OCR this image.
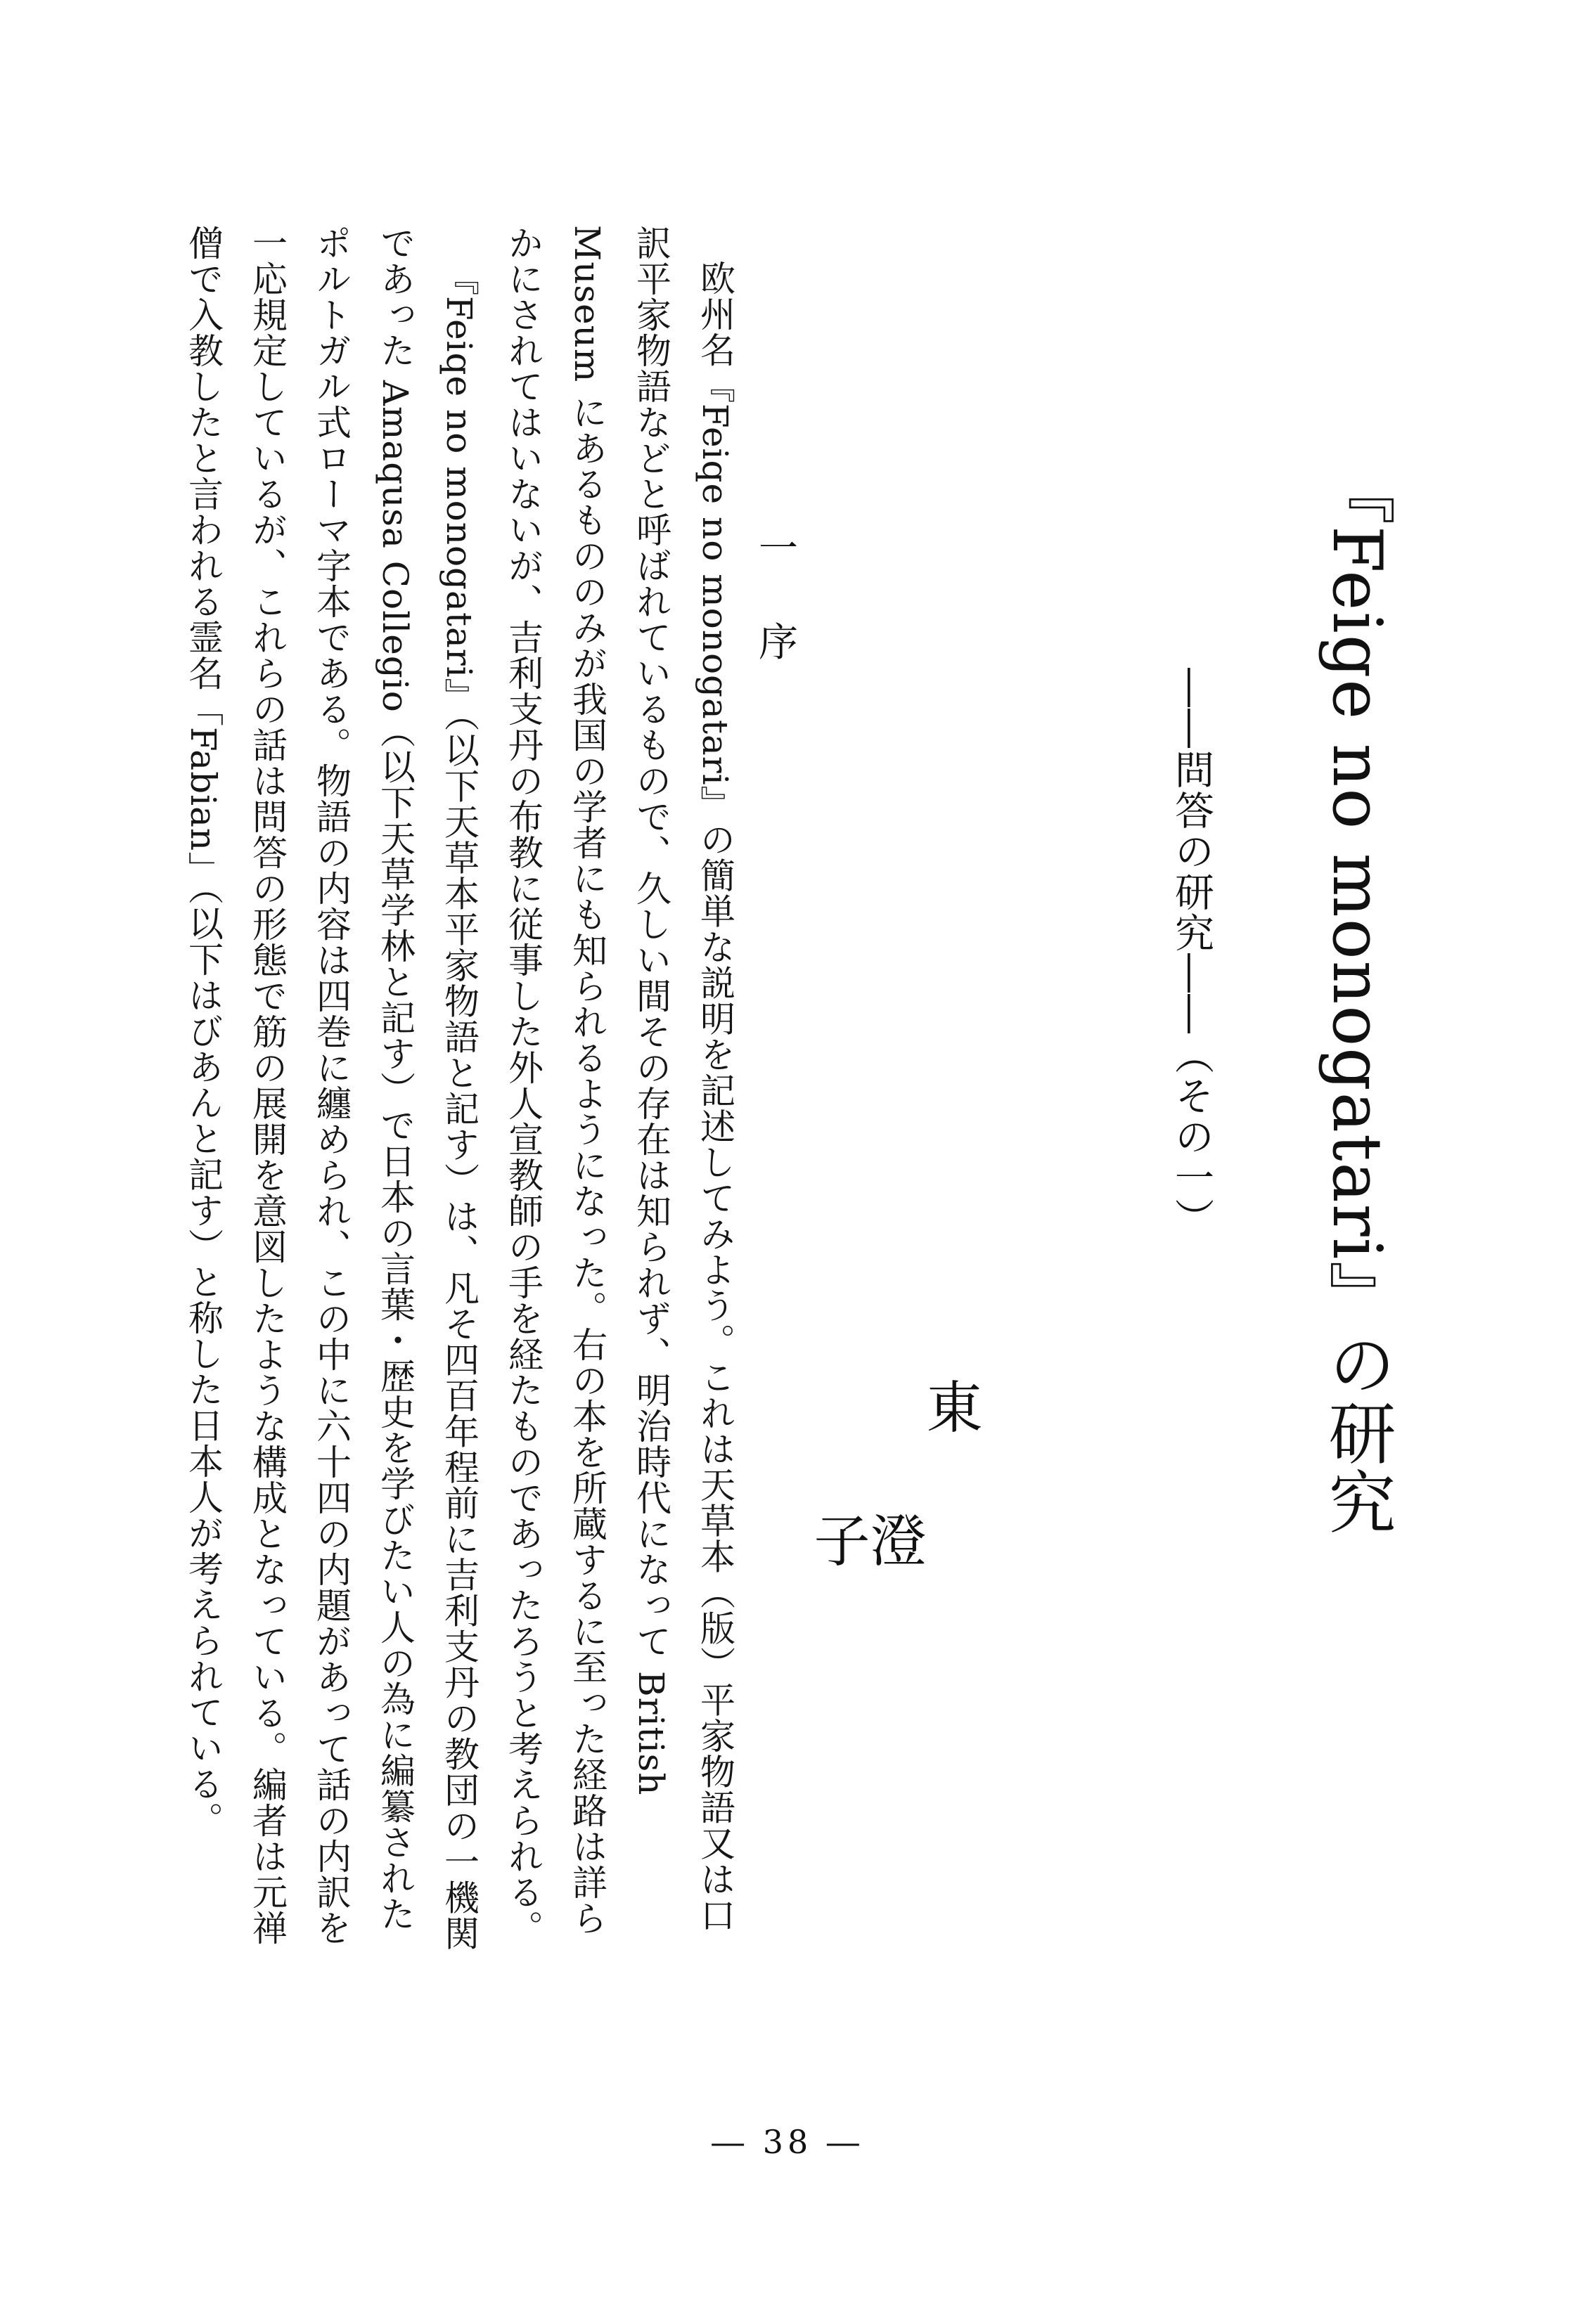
『Feige no monogatari』の研究
――問答の研究――（その一）
東
澄
子
一 序

欧州名『Feiqe no monogatari』の簡単な説明を記述してみよう。これは天草本（版）平家物語又は口訳平家物語などと呼ばれているもので、久しい間その存在は知られず、明治時代になって British Museum にあるもののみが我国の学者にも知られるようになった。右の本を所蔵するに至った経路は詳らかにされてはいないが、吉利支丹の布教に従事した外人宣教師の手を経たものであったろうと考えられる。

『Feiqe no monogatari』（以下天草本平家物語と記す）は、凡そ四百年程前に吉利支丹の教団の一機関であった Amaqusa Collegio（以下天草学林と記す）で日本の言葉・歴史を学びたい人の為に編纂されたポルトガル式ローマ字本である。物語の内容は四巻に纏められ、この中に六十四の内題があって話の内訳を一応規定しているが、これらの話は問答の形態で筋の展開を意図したような構成となっている。編者は元禅僧で入教したと言われる霊名「Fabian」（以下はびあんと記す）と称した日本人が考えられている。

― 38 ―
